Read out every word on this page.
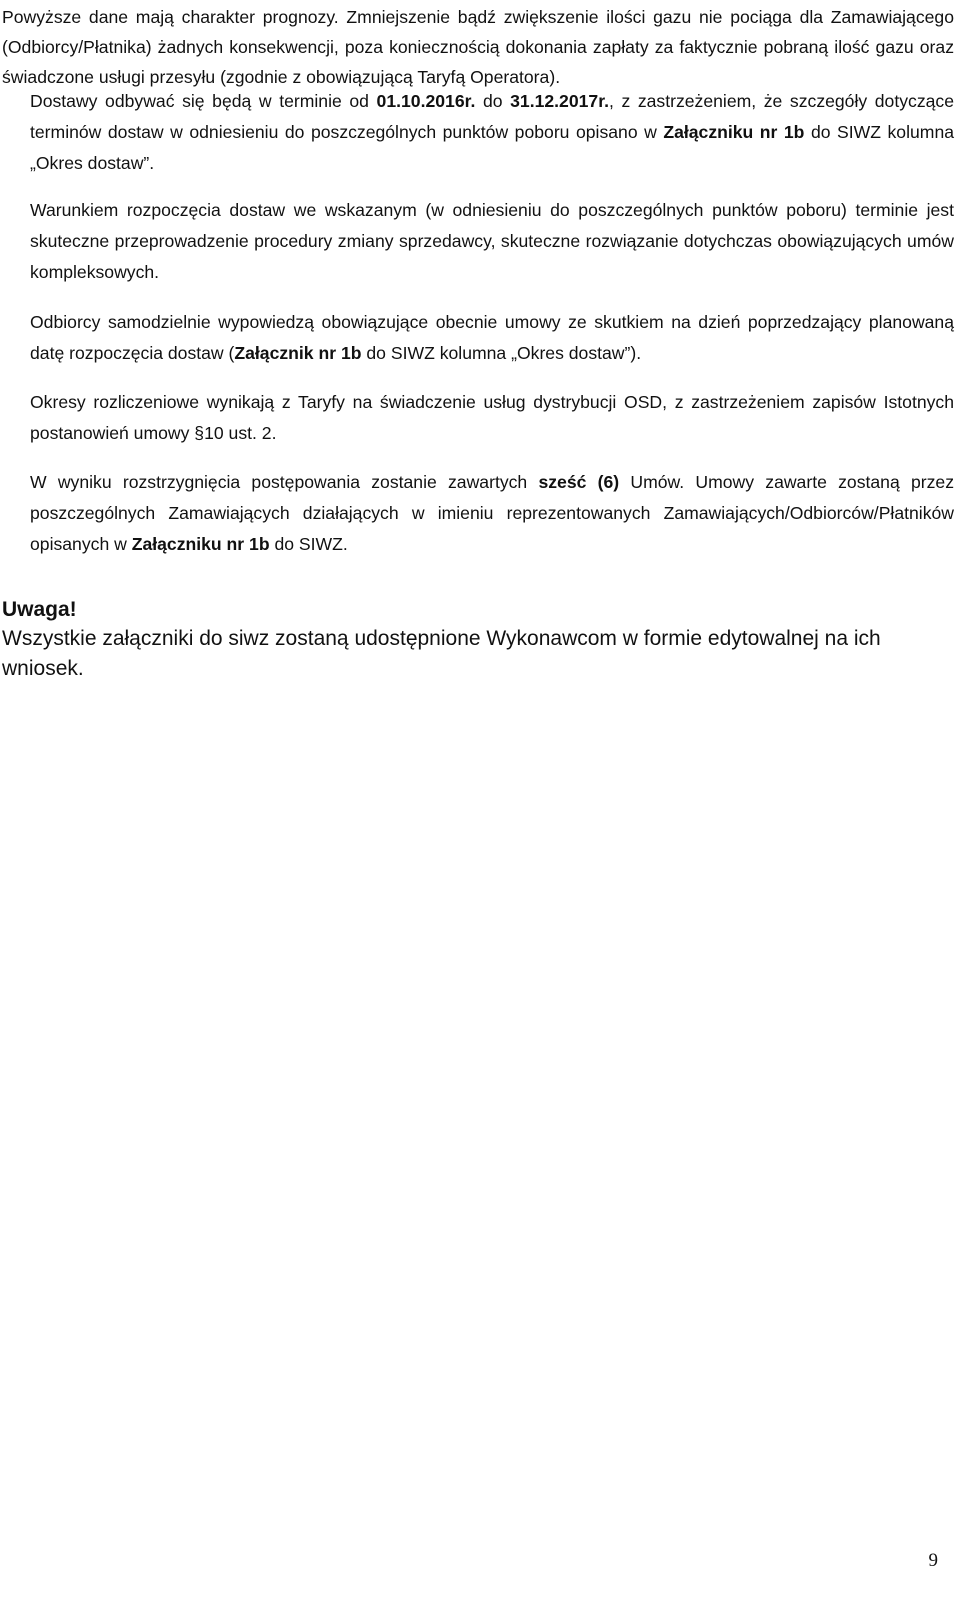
Powyższe dane mają charakter prognozy. Zmniejszenie bądź zwiększenie ilości gazu nie pociąga dla Zamawiającego (Odbiorcy/Płatnika) żadnych konsekwencji, poza koniecznością dokonania zapłaty za faktycznie pobraną ilość gazu oraz świadczone usługi przesyłu (zgodnie z obowiązującą Taryfą Operatora).

Dostawy odbywać się będą w terminie od 01.10.2016r. do 31.12.2017r., z zastrzeżeniem, że szczegóły dotyczące terminów dostaw w odniesieniu do poszczególnych punktów poboru opisano w Załączniku nr 1b do SIWZ kolumna „Okres dostaw”.
Warunkiem rozpoczęcia dostaw we wskazanym (w odniesieniu do poszczególnych punktów poboru) terminie jest skuteczne przeprowadzenie procedury zmiany sprzedawcy, skuteczne rozwiązanie dotychczas obowiązujących umów kompleksowych.
Odbiorcy samodzielnie wypowiedzą obowiązujące obecnie umowy ze skutkiem na dzień poprzedzający planowaną datę rozpoczęcia dostaw (Załącznik nr 1b do SIWZ kolumna „Okres dostaw”).
Okresy rozliczeniowe wynikają z Taryfy na świadczenie usług dystrybucji OSD, z zastrzeżeniem zapisów Istotnych postanowień umowy §10 ust. 2.
W wyniku rozstrzygnięcia postępowania zostanie zawartych sześć (6) Umów. Umowy zawarte zostaną przez poszczególnych Zamawiających działających w imieniu reprezentowanych Zamawiających/Odbiorców/Płatników opisanych w Załączniku nr 1b do SIWZ.
Uwaga!
Wszystkie załączniki do siwz zostaną udostępnione Wykonawcom w formie edytowalnej na ich wniosek.
9
